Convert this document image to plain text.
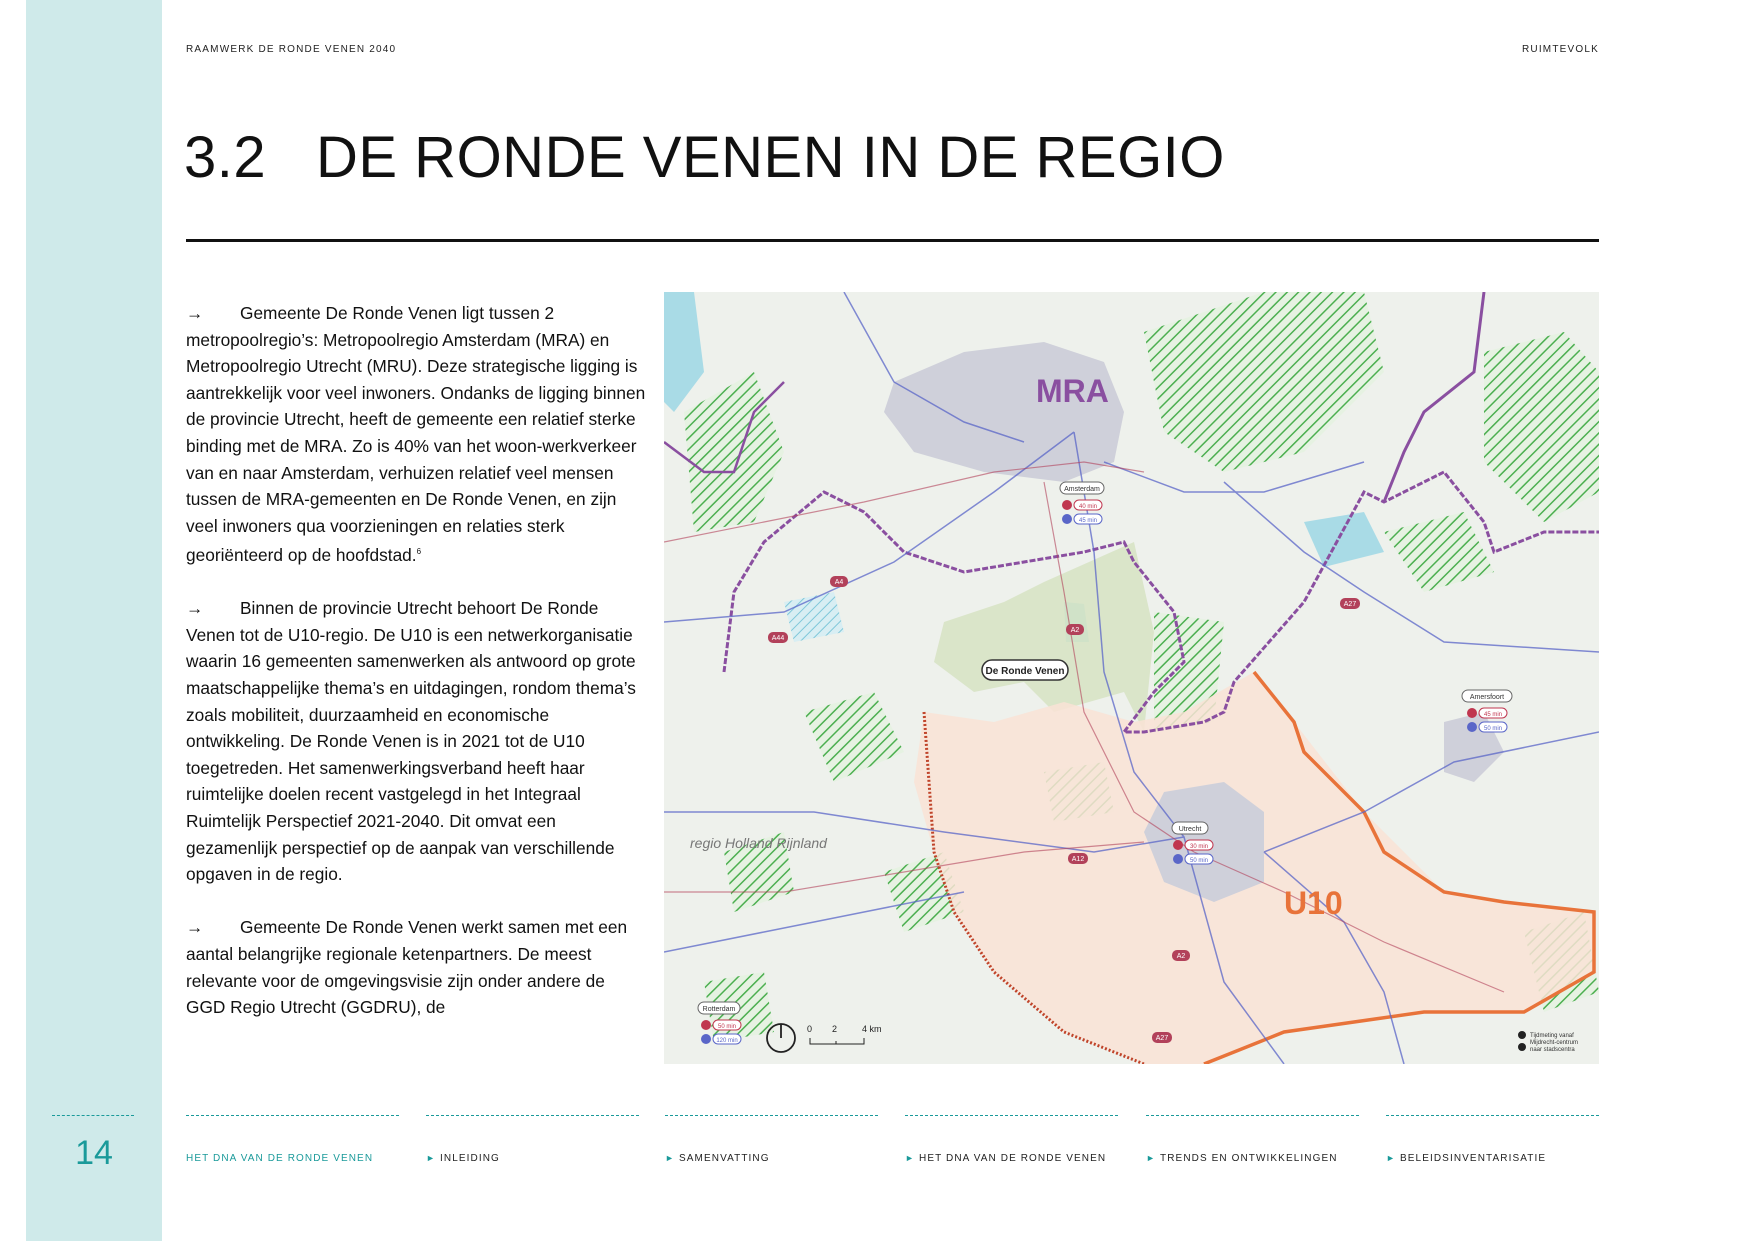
14
RAAMWERK DE RONDE VENEN 2040	RUIMTEVOLK
3.2 DE RONDE VENEN IN DE REGIO

→ Gemeente De Ronde Venen ligt tussen 2 metropoolregio’s: Metropoolregio Amsterdam (MRA) en Metropoolregio Utrecht (MRU). Deze strategische ligging is aantrekkelijk voor veel inwoners. Ondanks de ligging binnen de provincie Utrecht, heeft de gemeente een relatief sterke binding met de MRA. Zo is 40% van het woon-werkverkeer van en naar Amsterdam, verhuizen relatief veel mensen tussen de MRA-gemeenten en De Ronde Venen, en zijn veel inwoners qua voorzieningen en relaties sterk georiënteerd op de hoofdstad.$^6$

→ Binnen de provincie Utrecht behoort De Ronde Venen tot de U10-regio. De U10 is een netwerkorganisatie waarin 16 gemeenten samenwerken als antwoord op grote maatschappelijke thema’s en uitdagingen, rondom thema’s zoals mobiliteit, duurzaamheid en economische ontwikkeling. De Ronde Venen is in 2021 tot de U10 toegetreden. Het samenwerkingsverband heeft haar ruimtelijke doelen recent vastgelegd in het Integraal Ruimtelijk Perspectief 2021-2040. Dit omvat een gezamenlijk perspectief op de aanpak van verschillende opgaven in de regio.

→ Gemeente De Ronde Venen werkt samen met een aantal belangrijke regionale ketenpartners. De meest relevante voor de omgevingsvisie zijn onder andere de GGD Regio Utrecht (GGDRU), de

MRA
U10
regio Holland Rijnland
De Ronde Venen
A4
A44
A2
A27
A12
A2
A27
Amsterdam
40 min
45 min
Amersfoort
45 min
50 min
Utrecht
30 min
50 min
Rotterdam
50 min
120 min
0 2	4 km
Tijdmeting vanaf
Mijdrecht-centrum
naar stadscentra
HET DNA VAN DE RONDE VENEN	► INLEIDING	► SAMENVATTING	► HET DNA VAN DE RONDE VENEN	► TRENDS EN ONTWIKKELINGEN	► BELEIDSINVENTARISATIE
